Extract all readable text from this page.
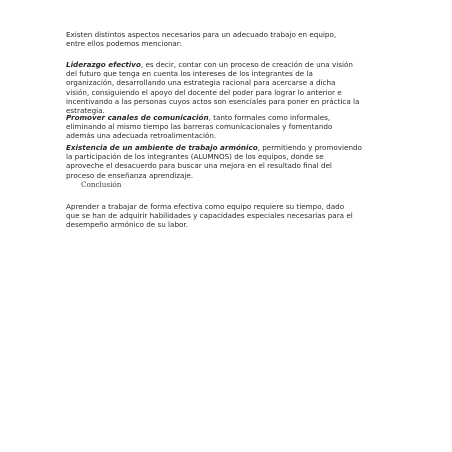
Existen distintos aspectos necesarios para un adecuado trabajo en equipo,
entre ellos podemos mencionar:

Liderazgo efectivo, es decir, contar con un proceso de creación de una visión
del futuro que tenga en cuenta los intereses de los integrantes de la
organización, desarrollando una estrategia racional para acercarse a dicha
visión, consiguiendo el apoyo del docente del poder para lograr lo anterior e
incentivando a las personas cuyos actos son esenciales para poner en práctica la
estrategia.

Promover canales de comunicación, tanto formales como informales,
eliminando al mismo tiempo las barreras comunicacionales y fomentando
además una adecuada retroalimentación.

Existencia de un ambiente de trabajo armónico, permitiendo y promoviendo
la participación de los integrantes (ALUMNOS) de los equipos, donde se
aproveche el desacuerdo para buscar una mejora en el resultado final del
proceso de enseñanza aprendizaje.

Conclusión

Aprender a trabajar de forma efectiva como equipo requiere su tiempo, dado
que se han de adquirir habilidades y capacidades especiales necesarias para el
desempeño armónico de su labor.
